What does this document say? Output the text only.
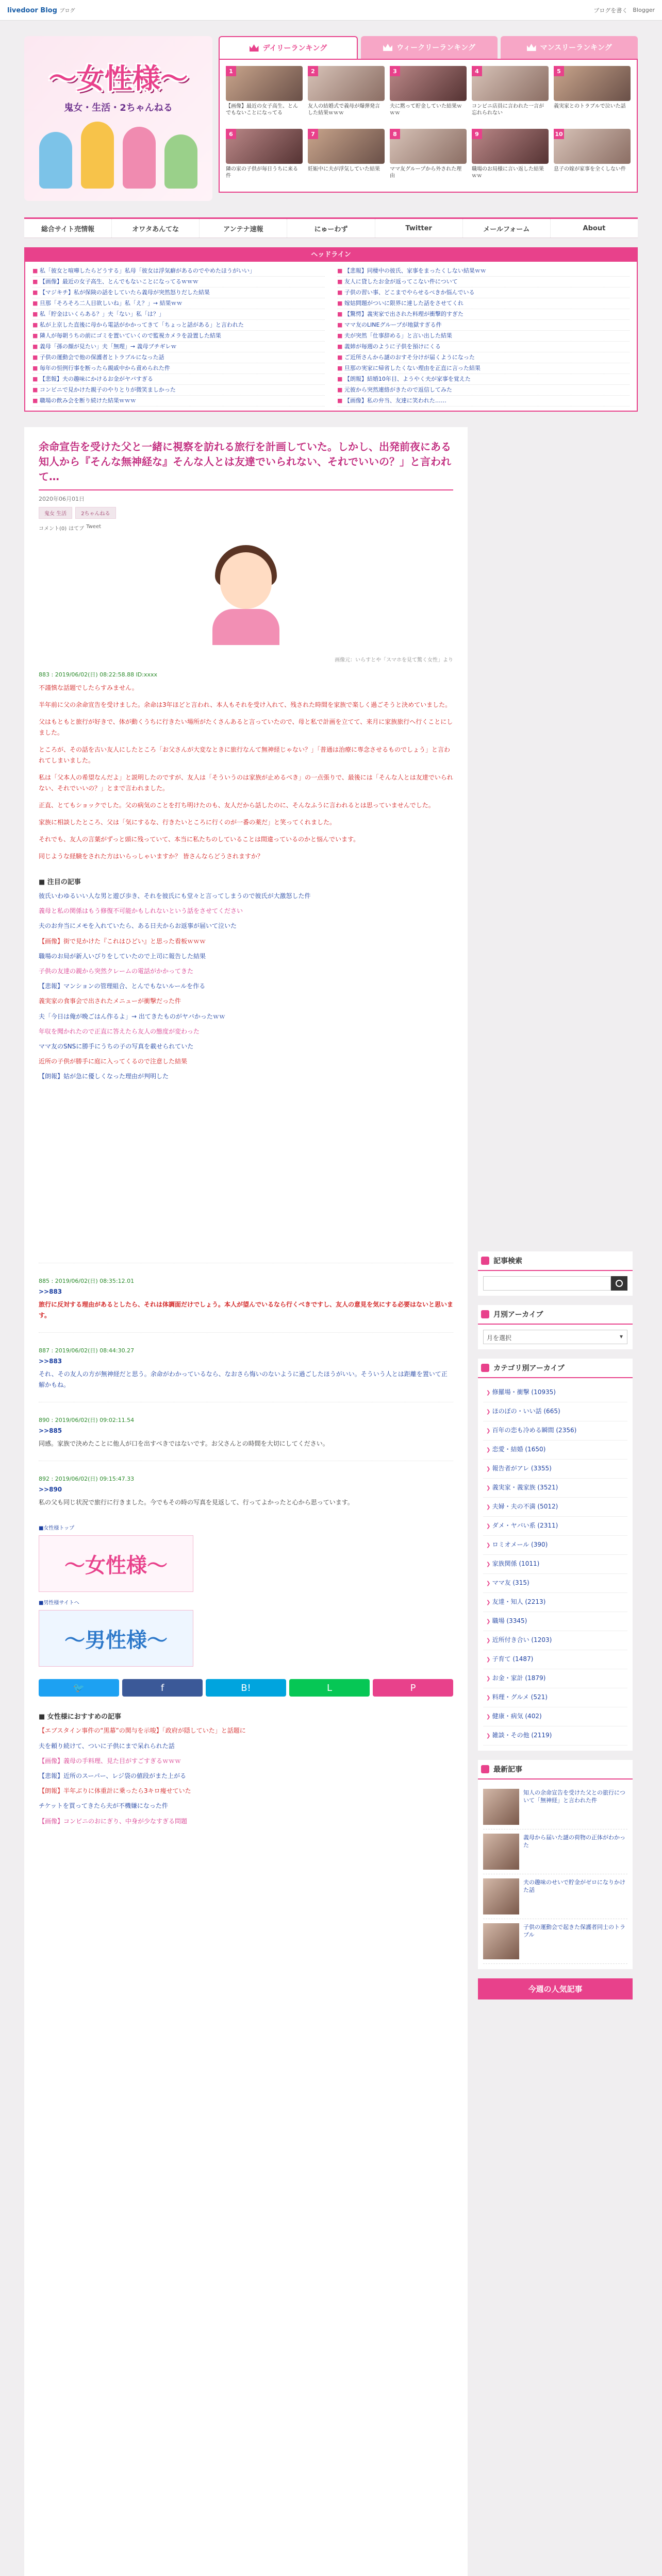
livedoor Blog ブログ	ブログを書く Blogger
〜女性様〜
鬼女・生活・2ちゃんねる
デイリーランキング	ウィークリーランキング	マンスリーランキング
1
【画像】最近の女子高生、とんでもないことになってる
2
友人の結婚式で義母が爆弾発言した結果ｗｗｗ
3
夫に黙って貯金していた結果ｗｗｗ
4
コンビニ店員に言われた一言が忘れられない
5
義実家とのトラブルで泣いた話
6
隣の家の子供が毎日うちに来る件
7
妊娠中に夫が浮気していた結果
8
ママ友グループから外された理由
9
職場のお局様に言い返した結果ｗｗ
10
息子の嫁が家事を全くしない件
総合サイト売情報	オワタあんてな	アンテナ速報	にゅーわず	Twitter	メールフォーム	About
ヘッドライン
■ 私「彼女と喧嘩したらどうする」私母「彼女は浮気癖があるのでやめたほうがいい」
■ 【画像】最近の女子高生、とんでもないことになってるｗｗｗ
■ 【マジキチ】私が保険の話をしていたら義母が突然怒りだした結果
■ 旦那「そろそろ二人目欲しいね」私「え？」→ 結果ｗｗ
■ 私「貯金はいくらある？」夫「ない」私「は？」
■ 私が上京した直後に母から電話がかかってきて「ちょっと話がある」と言われた
■ 隣人が毎朝うちの前にゴミを置いていくので監視カメラを設置した結果
■ 義母「孫の顔が見たい」夫「無理」→ 義母ブチギレｗ
■ 子供の運動会で他の保護者とトラブルになった話
■ 毎年の恒例行事を断ったら親戚中から責められた件
■ 【悲報】夫の趣味にかけるお金がヤバすぎる
■ コンビニで見かけた親子のやりとりが微笑ましかった
■ 職場の飲み会を断り続けた結果ｗｗｗ
■ 【悲報】同棲中の彼氏、家事をまったくしない結果ｗｗ
■ 友人に貸したお金が返ってこない件について
■ 子供の習い事、どこまでやらせるべきか悩んでいる
■ 嫁姑問題がついに限界に達した話をさせてくれ
■ 【驚愕】義実家で出された料理が衝撃的すぎた
■ ママ友のLINEグループが地獄すぎる件
■ 夫が突然「仕事辞める」と言い出した結果
■ 義姉が毎週のように子供を預けにくる
■ ご近所さんから謎のおすそ分けが届くようになった
■ 旦那の実家に帰省したくない理由を正直に言った結果
■ 【朗報】結婚10年目、ようやく夫が家事を覚えた
■ 元彼から突然連絡がきたので返信してみた
■ 【画像】私の弁当、友達に笑われた……
余命宣告を受けた父と一緒に視察を訪れる旅行を計画していた。しかし、出発前夜にある知人から『そんな無神経な』そんな人とは友達でいられない、それでいいの？」と言われて…
2020年06月01日
鬼女 生活	2ちゃんねる
コメント(0) はてブ Tweet
画像元：いらすとや「スマホを見て驚く女性」より
883 : 2019/06/02(日) 08:22:58.88 ID:xxxx

不謹慎な話題でしたらすみません。

半年前に父の余命宣告を受けました。余命は3年ほどと言われ、本人もそれを受け入れて、残された時間を家族で楽しく過ごそうと決めていました。

父はもともと旅行が好きで、体が動くうちに行きたい場所がたくさんあると言っていたので、母と私で計画を立てて、来月に家族旅行へ行くことにしました。

ところが、その話を古い友人にしたところ「お父さんが大変なときに旅行なんて無神経じゃない？」「普通は治療に専念させるものでしょう」と言われてしまいました。

私は「父本人の希望なんだよ」と説明したのですが、友人は「そういうのは家族が止めるべき」の一点張りで、最後には「そんな人とは友達でいられない、それでいいの？」とまで言われました。

正直、とてもショックでした。父の病気のことを打ち明けたのも、友人だから話したのに、そんなふうに言われるとは思っていませんでした。

家族に相談したところ、父は「気にするな、行きたいところに行くのが一番の薬だ」と笑ってくれました。

それでも、友人の言葉がずっと頭に残っていて、本当に私たちのしていることは間違っているのかと悩んでいます。

同じような経験をされた方はいらっしゃいますか？ 皆さんならどうされますか？

■ 注目の記事

彼氏いわゆるいい人な男と遊び歩き、それを彼氏にも堂々と言ってしまうので彼氏が大激怒した件

義母と私の関係はもう修復不可能かもしれないという話をさせてください

夫のお弁当にメモを入れていたら、ある日夫からお返事が届いて泣いた

【画像】街で見かけた『これはひどい』と思った看板ｗｗｗ

職場のお局が新人いびりをしていたので上司に報告した結果

子供の友達の親から突然クレームの電話がかかってきた

【悲報】マンションの管理組合、とんでもないルールを作る

義実家の食事会で出されたメニューが衝撃だった件

夫「今日は俺が晩ごはん作るよ」→ 出てきたものがヤバかったｗｗ

年収を聞かれたので正直に答えたら友人の態度が変わった

ママ友のSNSに勝手にうちの子の写真を載せられていた

近所の子供が勝手に庭に入ってくるので注意した結果

【朗報】姑が急に優しくなった理由が判明した

885 : 2019/06/02(日) 08:35:12.01
>>883
旅行に反対する理由があるとしたら、それは体調面だけでしょう。本人が望んでいるなら行くべきですし、友人の意見を気にする必要はないと思います。
887 : 2019/06/02(日) 08:44:30.27
>>883
それ、その友人の方が無神経だと思う。余命がわかっているなら、なおさら悔いのないように過ごしたほうがいい。そういう人とは距離を置いて正解かもね。
890 : 2019/06/02(日) 09:02:11.54
>>885
同感。家族で決めたことに他人が口を出すべきではないです。お父さんとの時間を大切にしてください。
892 : 2019/06/02(日) 09:15:47.33
>>890
私の父も同じ状況で旅行に行きました。今でもその時の写真を見返して、行ってよかったと心から思っています。
■女性様トップ
〜女性様〜
■男性様サイトへ
〜男性様〜
🐦	f	B!	L	P
■ 女性様におすすめの記事

【エブスタイン事件の“黒幕”の関与を示唆】「政府が隠していた」と話題に

夫を頼り続けて、ついに子供にまで呆れられた話

【画像】義母の手料理、見た目がすごすぎるｗｗｗ

【悲報】近所のスーパー、レジ袋の値段がまた上がる

【朗報】半年ぶりに体重計に乗ったら3キロ痩せていた

チケットを買ってきたら夫が不機嫌になった件

【画像】コンビニのおにぎり、中身が少なすぎる問題

記事検索
月別アーカイブ
月を選択 ▾
カテゴリ別アーカイブ
❯ 修羅場・衝撃 (10935)
❯ ほのぼの・いい話 (665)
❯ 百年の恋も冷める瞬間 (2356)
❯ 恋愛・結婚 (1650)
❯ 報告者がアレ (3355)
❯ 義実家・義家族 (3521)
❯ 夫婦・夫の不満 (5012)
❯ ダメ・ヤバい系 (2311)
❯ ロミオメール (390)
❯ 家族関係 (1011)
❯ ママ友 (315)
❯ 友達・知人 (2213)
❯ 職場 (3345)
❯ 近所付き合い (1203)
❯ 子育て (1487)
❯ お金・家計 (1879)
❯ 料理・グルメ (521)
❯ 健康・病気 (402)
❯ 雑談・その他 (2119)
最新記事
知人の余命宣告を受けた父との旅行について「無神経」と言われた件
義母から届いた謎の荷物の正体がわかった
夫の趣味のせいで貯金がゼロになりかけた話
子供の運動会で起きた保護者同士のトラブル
今週の人気記事
